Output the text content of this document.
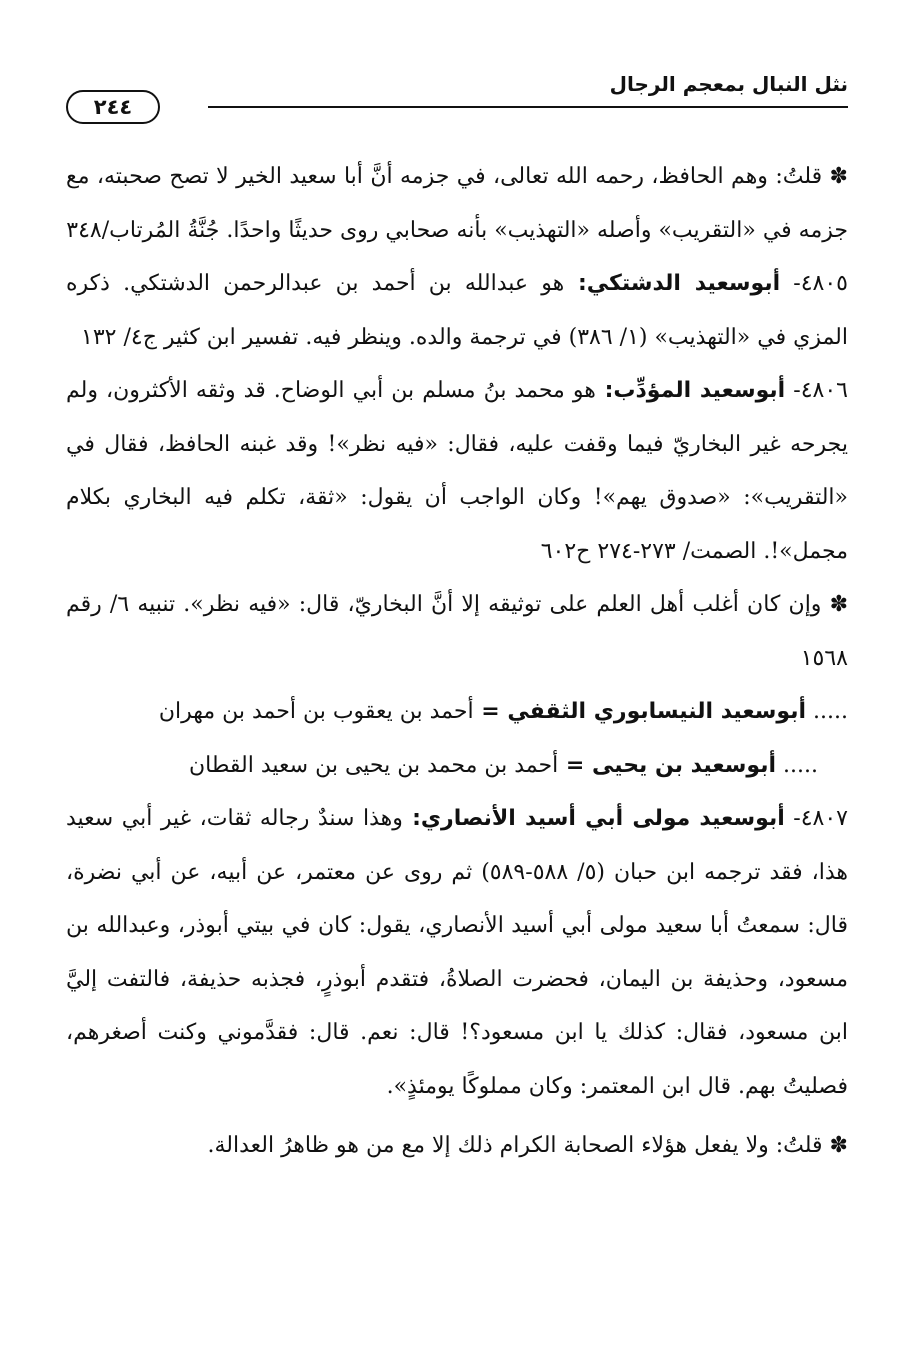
نثل النبال بمعجم الرجال
٢٤٤

✽ قلتُ: وهم الحافظ، رحمه الله تعالى، في جزمه أنَّ أبا سعيد الخير لا تصح صحبته، مع جزمه في «التقريب» وأصله «التهذيب» بأنه صحابي روى حديثًا واحدًا. جُنَّةُ المُرتاب/٣٤٨

٤٨٠٥- أبوسعيد الدشتكي: هو عبدالله بن أحمد بن عبدالرحمن الدشتكي. ذكره المزي في «التهذيب» (١/ ٣٨٦) في ترجمة والده. وينظر فيه. تفسير ابن كثير ج٤/ ١٣٢

٤٨٠٦- أبوسعيد المؤدِّب: هو محمد بنُ مسلم بن أبي الوضاح. قد وثقه الأكثرون، ولم يجرحه غير البخاريّ فيما وقفت عليه، فقال: «فيه نظر»! وقد غبنه الحافظ، فقال في «التقريب»: «صدوق يهم»! وكان الواجب أن يقول: «ثقة، تكلم فيه البخاري بكلام مجمل»!. الصمت/ ٢٧٣-٢٧٤ ح٦٠٢

✽ وإن كان أغلب أهل العلم على توثيقه إلا أنَّ البخاريّ، قال: «فيه نظر». تنبيه ٦/ رقم ١٥٦٨

..... أبوسعيد النيسابوري الثقفي = أحمد بن يعقوب بن أحمد بن مهران

..... أبوسعيد بن يحيى = أحمد بن محمد بن يحيى بن سعيد القطان

٤٨٠٧- أبوسعيد مولى أبي أسيد الأنصاري: وهذا سندٌ رجاله ثقات، غير أبي سعيد هذا، فقد ترجمه ابن حبان (٥/ ٥٨٨-٥٨٩) ثم روى عن معتمر، عن أبيه، عن أبي نضرة، قال: سمعتُ أبا سعيد مولى أبي أسيد الأنصاري، يقول: كان في بيتي أبوذر، وعبدالله بن مسعود، وحذيفة بن اليمان، فحضرت الصلاةُ، فتقدم أبوذرٍ، فجذبه حذيفة، فالتفت إليَّ ابن مسعود، فقال: كذلك يا ابن مسعود؟! قال: نعم. قال: فقدَّموني وكنت أصغرهم، فصليتُ بهم. قال ابن المعتمر: وكان مملوكًا يومئذٍ».

✽ قلتُ: ولا يفعل هؤلاء الصحابة الكرام ذلك إلا مع من هو ظاهرُ العدالة.
